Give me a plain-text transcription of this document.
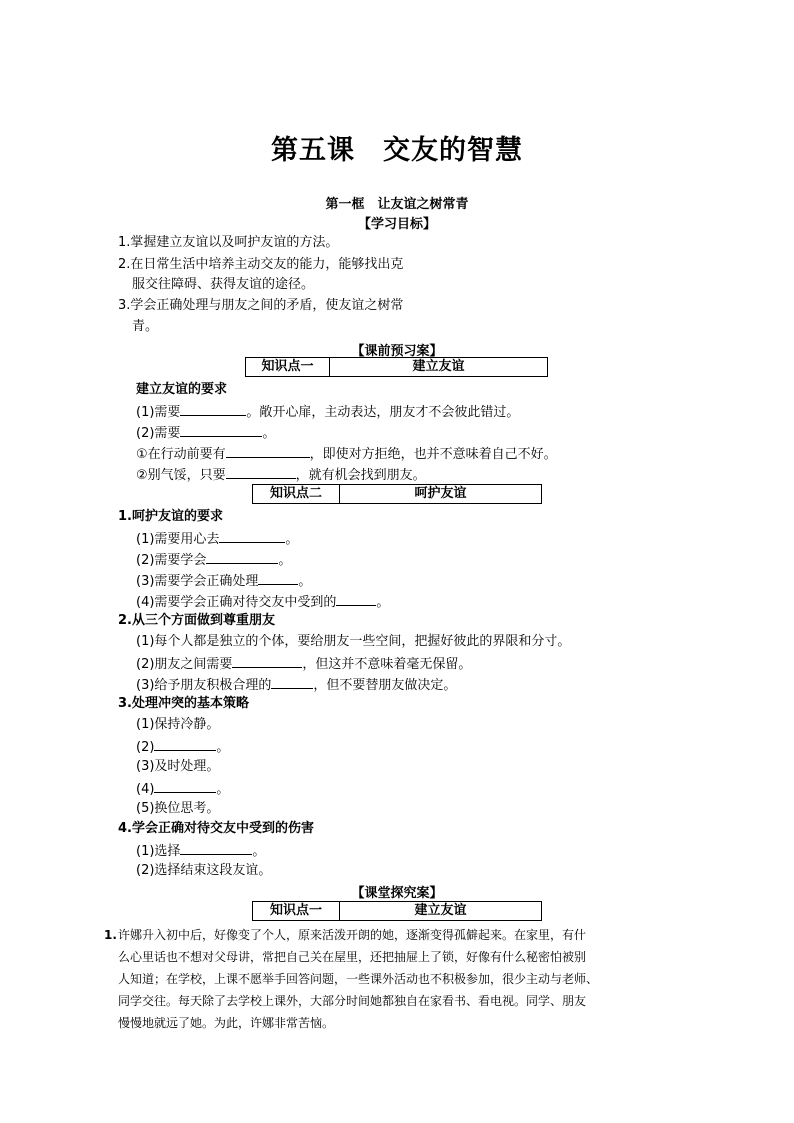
第五课　交友的智慧
第一框　让友谊之树常青
【学习目标】
1.掌握建立友谊以及呵护友谊的方法。
2.在日常生活中培养主动交友的能力，能够找出克
服交往障碍、获得友谊的途径。
3.学会正确处理与朋友之间的矛盾，使友谊之树常
青。
【课前预习案】
知识点一	建立友谊
建立友谊的要求
(1)需要	。敞开心扉，主动表达，朋友才不会彼此错过。
(2)需要	。
①在行动前要有	，即使对方拒绝，也并不意味着自己不好。
②别气馁，只要	，就有机会找到朋友。
知识点二	呵护友谊
1.呵护友谊的要求
(1)需要用心去	。
(2)需要学会	。
(3)需要学会正确处理	。
(4)需要学会正确对待交友中受到的	。
2.从三个方面做到尊重朋友
(1)每个人都是独立的个体，要给朋友一些空间，把握好彼此的界限和分寸。
(2)朋友之间需要	，但这并不意味着毫无保留。
(3)给予朋友积极合理的	，但不要替朋友做决定。
3.处理冲突的基本策略
(1)保持冷静。
(2)	。
(3)及时处理。
(4)	。
(5)换位思考。
4.学会正确对待交友中受到的伤害
(1)选择	。
(2)选择结束这段友谊。
【课堂探究案】
知识点一	建立友谊
1. 许娜升入初中后，好像变了个人，原来活泼开朗的她，逐渐变得孤僻起来。在家里，有什
么心里话也不想对父母讲，常把自己关在屋里，还把抽屉上了锁，好像有什么秘密怕被别
人知道；在学校，上课不愿举手回答问题，一些课外活动也不积极参加，很少主动与老师、
同学交往。每天除了去学校上课外，大部分时间她都独自在家看书、看电视。同学、朋友
慢慢地就远了她。为此，许娜非常苦恼。
